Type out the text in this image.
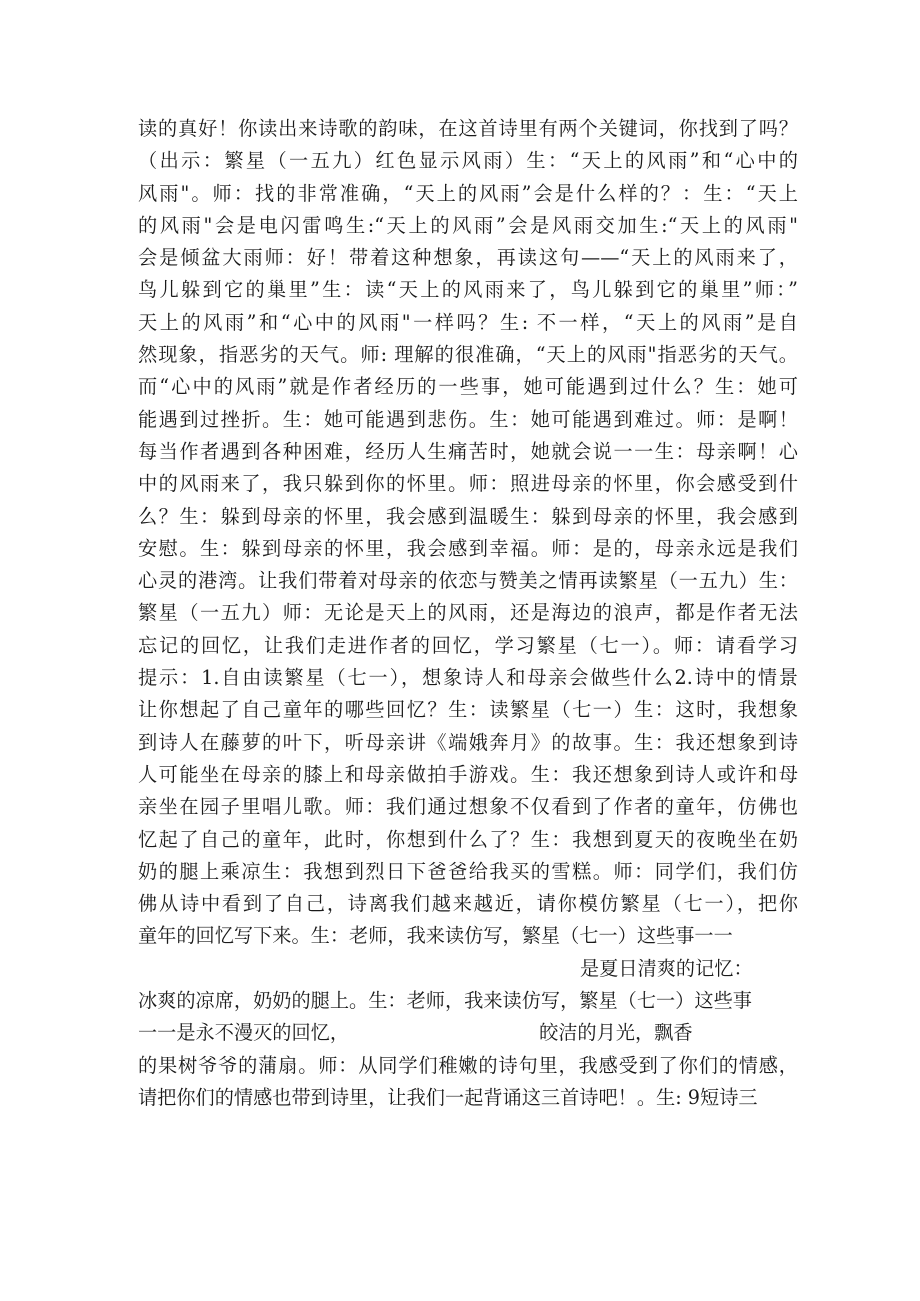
读的真好！你读出来诗歌的韵味，在这首诗里有两个关键词，你找到了吗？
（出示：繁星（一五九）红色显示风雨）生：“天上的风雨”和“心中的
风雨"。师：找的非常准确，“天上的风雨”会是什么样的？：生：“天上
的风雨"会是电闪雷鸣生:“天上的风雨”会是风雨交加生:“天上的风雨"
会是倾盆大雨师：好！带着这种想象，再读这句——“天上的风雨来了，
鸟儿躲到它的巢里”生：读“天上的风雨来了，鸟儿躲到它的巢里”师：”
天上的风雨”和“心中的风雨"一样吗？生: 不一样，“天上的风雨”是自
然现象，指恶劣的天气。师: 理解的很准确，“天上的风雨"指恶劣的天气。
而“心中的风雨”就是作者经历的一些事，她可能遇到过什么？生：她可
能遇到过挫折。生：她可能遇到悲伤。生：她可能遇到难过。师：是啊！
每当作者遇到各种困难，经历人生痛苦时，她就会说一一生：母亲啊！心
中的风雨来了，我只躲到你的怀里。师：照进母亲的怀里，你会感受到什
么？生：躲到母亲的怀里，我会感到温暖生：躲到母亲的怀里，我会感到
安慰。生：躲到母亲的怀里，我会感到幸福。师：是的，母亲永远是我们
心灵的港湾。让我们带着对母亲的依恋与赞美之情再读繁星（一五九）生：
繁星（一五九）师：无论是天上的风雨，还是海边的浪声，都是作者无法
忘记的回忆，让我们走进作者的回忆，学习繁星（七一）。师：请看学习
提示：1.自由读繁星（七一），想象诗人和母亲会做些什么2.诗中的情景
让你想起了自己童年的哪些回忆？生：读繁星（七一）生：这时，我想象
到诗人在藤萝的叶下，听母亲讲《端娥奔月》的故事。生：我还想象到诗
人可能坐在母亲的膝上和母亲做拍手游戏。生：我还想象到诗人或许和母
亲坐在园子里唱儿歌。师：我们通过想象不仅看到了作者的童年，仿佛也
忆起了自己的童年，此时，你想到什么了？生：我想到夏天的夜晚坐在奶
奶的腿上乘凉生：我想到烈日下爸爸给我买的雪糕。师：同学们，我们仿
佛从诗中看到了自己，诗离我们越来越近，请你模仿繁星（七一），把你
童年的回忆写下来。生：老师，我来读仿写，繁星（七一）这些事一一
是夏日清爽的记忆：
冰爽的凉席，奶奶的腿上。生：老师，我来读仿写，繁星（七一）这些事
一一是永不漫灭的回忆，	皎洁的月光，飘香
的果树爷爷的蒲扇。师：从同学们稚嫩的诗句里，我感受到了你们的情感，
请把你们的情感也带到诗里，让我们一起背诵这三首诗吧！。生: 9短诗三
